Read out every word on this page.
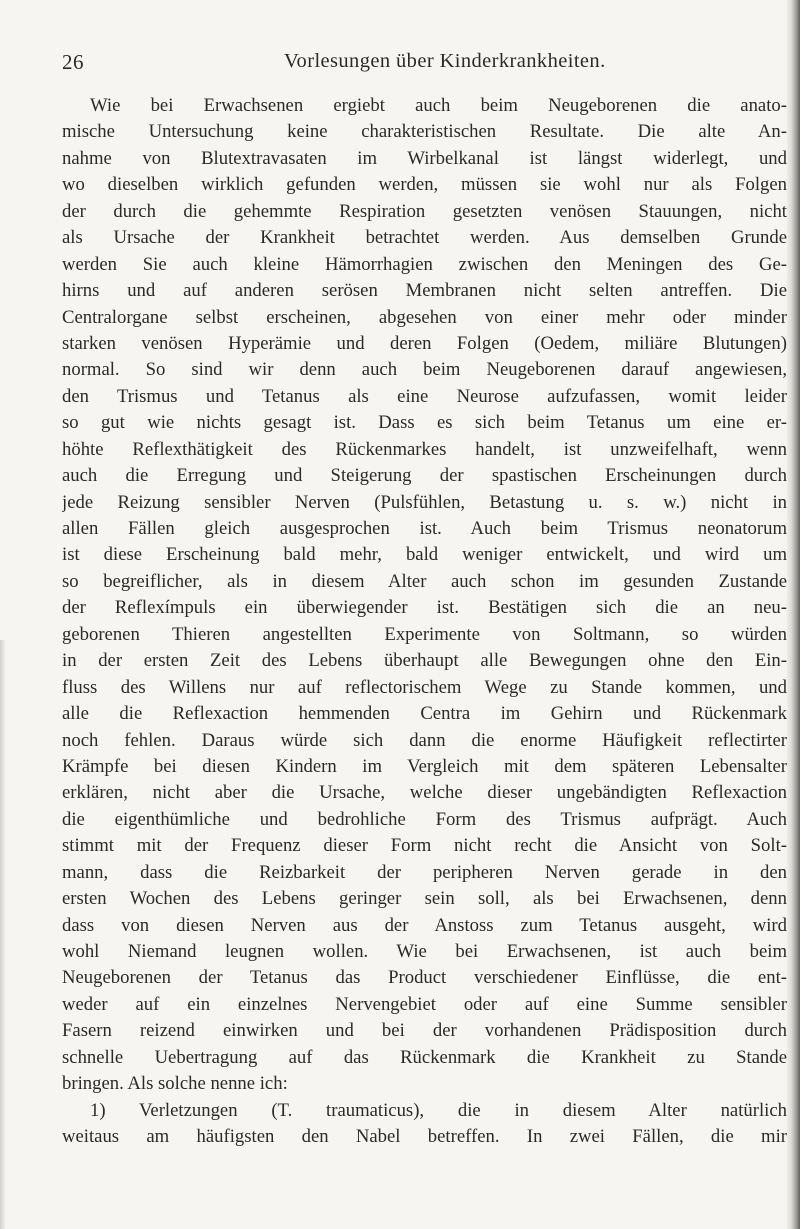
26	Vorlesungen über Kinderkrankheiten.
Wie bei Erwachsenen ergiebt auch beim Neugeborenen die anato-
mische Untersuchung keine charakteristischen Resultate. Die alte An-
nahme von Blutextravasaten im Wirbelkanal ist längst widerlegt, und
wo dieselben wirklich gefunden werden, müssen sie wohl nur als Folgen
der durch die gehemmte Respiration gesetzten venösen Stauungen, nicht
als Ursache der Krankheit betrachtet werden. Aus demselben Grunde
werden Sie auch kleine Hämorrhagien zwischen den Meningen des Ge-
hirns und auf anderen serösen Membranen nicht selten antreffen. Die
Centralorgane selbst erscheinen, abgesehen von einer mehr oder minder
starken venösen Hyperämie und deren Folgen (Oedem, miliäre Blutungen)
normal. So sind wir denn auch beim Neugeborenen darauf angewiesen,
den Trismus und Tetanus als eine Neurose aufzufassen, womit leider
so gut wie nichts gesagt ist. Dass es sich beim Tetanus um eine er-
höhte Reflexthätigkeit des Rückenmarkes handelt, ist unzweifelhaft, wenn
auch die Erregung und Steigerung der spastischen Erscheinungen durch
jede Reizung sensibler Nerven (Pulsfühlen, Betastung u. s. w.) nicht in
allen Fällen gleich ausgesprochen ist. Auch beim Trismus neonatorum
ist diese Erscheinung bald mehr, bald weniger entwickelt, und wird um
so begreiflicher, als in diesem Alter auch schon im gesunden Zustande
der Reflexímpuls ein überwiegender ist. Bestätigen sich die an neu-
geborenen Thieren angestellten Experimente von Soltmann, so würden
in der ersten Zeit des Lebens überhaupt alle Bewegungen ohne den Ein-
fluss des Willens nur auf reflectorischem Wege zu Stande kommen, und
alle die Reflexaction hemmenden Centra im Gehirn und Rückenmark
noch fehlen. Daraus würde sich dann die enorme Häufigkeit reflectirter
Krämpfe bei diesen Kindern im Vergleich mit dem späteren Lebensalter
erklären, nicht aber die Ursache, welche dieser ungebändigten Reflexaction
die eigenthümliche und bedrohliche Form des Trismus aufprägt. Auch
stimmt mit der Frequenz dieser Form nicht recht die Ansicht von Solt-
mann, dass die Reizbarkeit der peripheren Nerven gerade in den
ersten Wochen des Lebens geringer sein soll, als bei Erwachsenen, denn
dass von diesen Nerven aus der Anstoss zum Tetanus ausgeht, wird
wohl Niemand leugnen wollen. Wie bei Erwachsenen, ist auch beim
Neugeborenen der Tetanus das Product verschiedener Einflüsse, die ent-
weder auf ein einzelnes Nervengebiet oder auf eine Summe sensibler
Fasern reizend einwirken und bei der vorhandenen Prädisposition durch
schnelle Uebertragung auf das Rückenmark die Krankheit zu Stande
bringen. Als solche nenne ich:
1) Verletzungen (T. traumaticus), die in diesem Alter natürlich
weitaus am häufigsten den Nabel betreffen. In zwei Fällen, die mir
